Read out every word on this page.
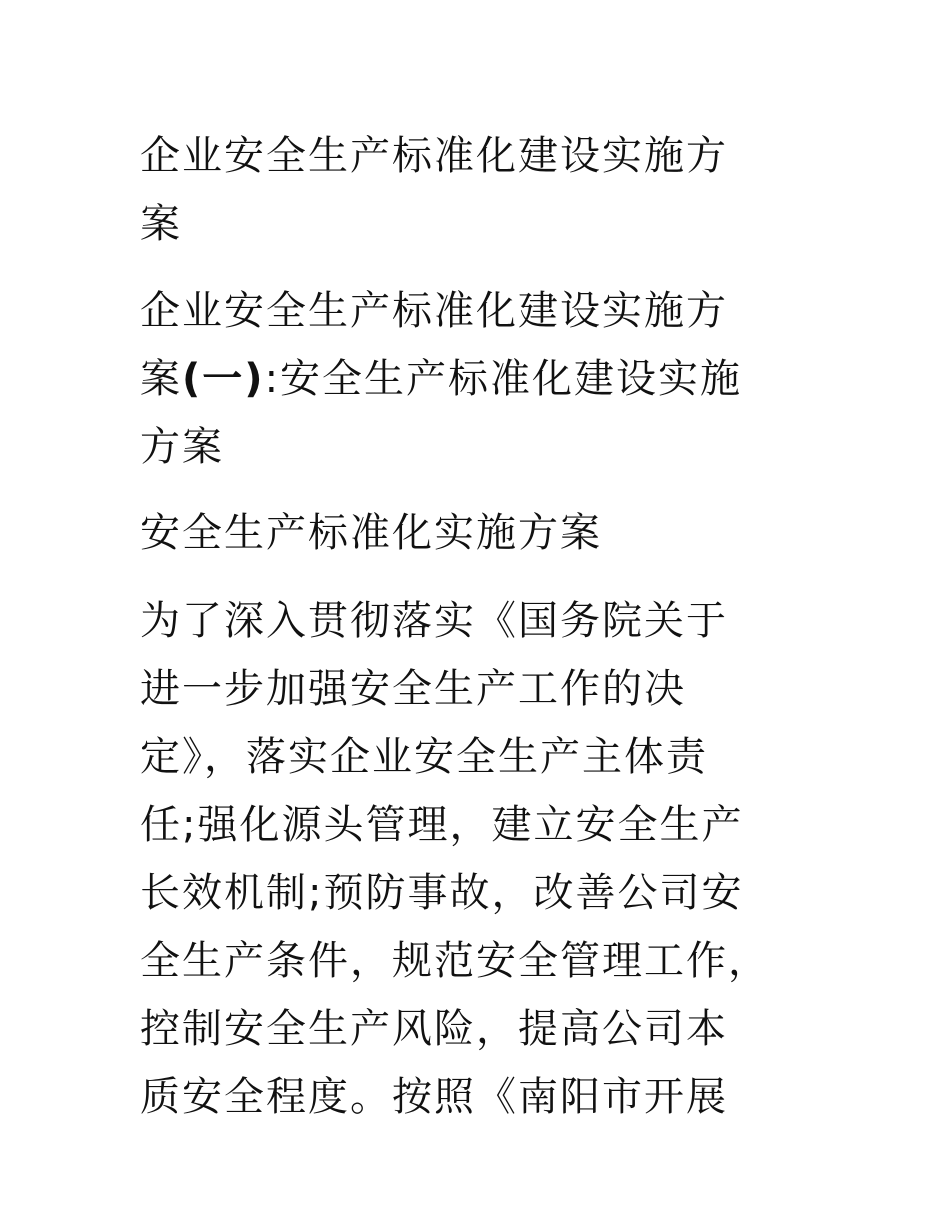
企业安全生产标准化建设实施方

案

企业安全生产标准化建设实施方

案(一):安全生产标准化建设实施

方案

安全生产标准化实施方案

为了深入贯彻落实《国务院关于

进一步加强安全生产工作的决

定》，落实企业安全生产主体责

任;强化源头管理，建立安全生产

长效机制;预防事故，改善公司安

全生产条件，规范安全管理工作，

控制安全生产风险，提高公司本

质安全程度。按照《南阳市开展
